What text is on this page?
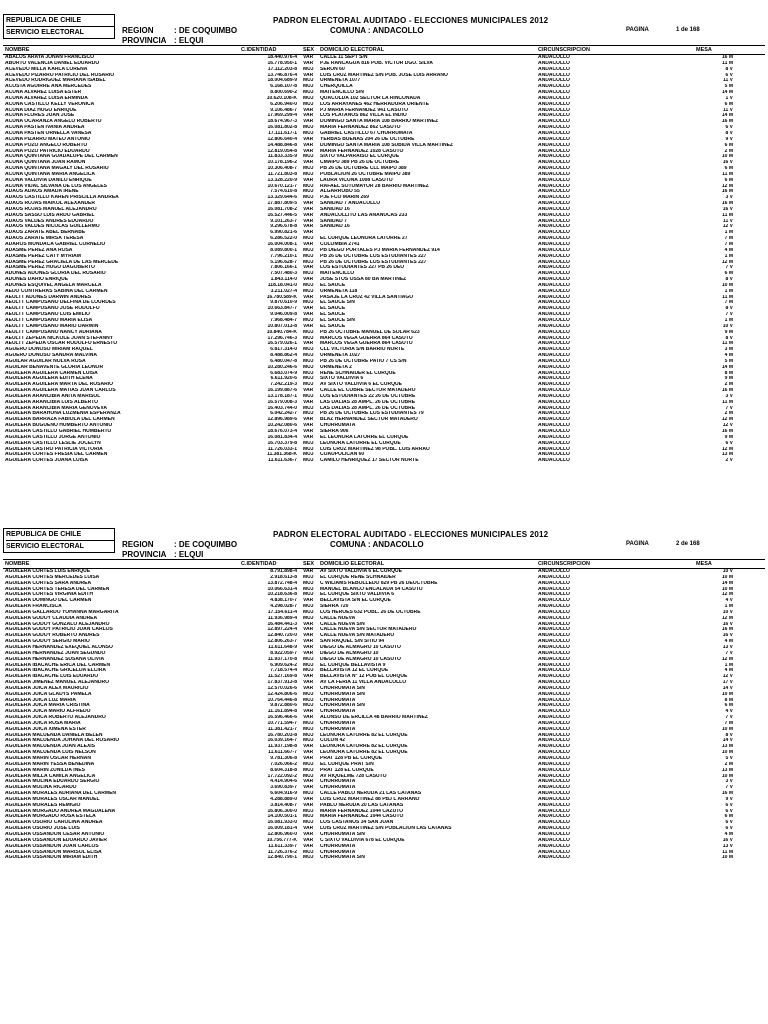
REPUBLICA DE CHILE
SERVICIO ELECTORAL
PADRON ELECTORAL AUDITADO - ELECCIONES MUNICIPALES 2012
REGION	: DE COQUIMBO
PROVINCIA : ELQUI
COMUNA : ANDACOLLO	PAGINA	1 de 168
NOMBRE	C.IDENTIDAD	SEX DOMICILIO ELECTORAL	CIRCUNSCRIPCION	MESA
ABALOS ARAYA JONAN FRANCISCO	18.440.976-4 VAR	CALLE 11 SEPT S/N	ANDACOLLO	16 M
ABURTO VALENCIA DANIEL EDUARDO	16.778.950-1 VAR	PJE RANCAGUA 816 POB. VICTOR DGO. SILVA	ANDACOLLO	11 M
ACEVEDO MILLA KARLA LORENA	17.112.203-8 MUJ	SERON 60	ANDACOLLO	8 V
ACEVEDO PIZARRO PATRICIO DEL ROSARIO	13.746.876-4 VAR	LUIS CRUZ MARTINEZ S/N POB. JOSE LUIS ARRAÑO	ANDACOLLO	6 V
ACEVEDO RODRIGUEZ MARIANA ISABEL	18.004.689-9 MUJ	URMENETA 1077	ANDACOLLO	11 V
ACOSTA AGUIRRE ANA MERCEDES	6.168.107-8 MUJ	CHERQUILLA	ANDACOLLO	5 M
ACUÑA ALVAREZ LUISA ESTER	8.800.690-2 MUJ	MAITENCILLO S/N	ANDACOLLO	14 M
ACUÑA ALVAREZ LUISA ERMINDA	10.620.108-K MUJ	QUACOLDA 102 SECTOR LA RINCONADA	ANDACOLLO	1 V
ACUÑA CASTILLO KELLY VERONICA	6.206.940-0 MUJ	LOS ARRAYANES 462 HERRADURA ORIENTE	ANDACOLLO	6 M
ACUÑA DIAZ HUGO ENRIQUE	9.106.486-7 VAR	PJ MARIA FERNANDEZ 941 CASUTO	ANDACOLLO	11 V
ACUÑA FLORES JUAN JOSE	17.969.299-4 VAR	LOS PLATANOS 862 VILLA EL INDIO	ANDACOLLO	14 M
ACUÑA OCARANZA ANGELO ROBERTO	18.674.967-3 VAR	DOMINGO SANTA MARIA 108 BARRIO MARTINEZ	ANDACOLLO	16 M
ACUÑA PASTEN IVANIA ANDREA	16.081.802-8 MUJ	MARIA FERNANDEZ 862 CASUTO	ANDACOLLO	6 V
ACUÑA PASTEN ORNELLA VANESA	17.111.617-1 MUJ	GABRIEL CASTILLO 67 CHURRUMATA	ANDACOLLO	8 V
ACUÑA PIZARRO MATEO ANTONIO	12.806.640-4 VAR	YERBAS BUENAS 204 26 DE OCTUBRE	ANDACOLLO	9 V
ACUÑA POZO ANGELO ROBERTO	14.488.846-8 VAR	DOMINGO SANTA MARIA 108 SUBIDA VILLA MARTINEZ	ANDACOLLO	6 M
ACUÑA POZO PATRICIO EDUARDO	12.819.054-8 VAR	MARIA FERNANDEZ 1028 CASUTO	ANDACOLLO	2 M
ACUÑA QUINTANA GUADALUPE DEL CARMEN	11.833.335-9 MUJ	SIXTO VALPARAISO EL CURQUE	ANDACOLLO	10 M
ACUÑA QUINTANA JUAN RAMON	10.178.196-2 VAR	CMAIPU 389 PB 26 DE OCTUBRE	ANDACOLLO	16 V
ACUÑA QUINTANA MAGALY DEL ROSARIO	10.306.408-7 MUJ	PB 26 DE OCTUBRE CLL MAIPU 389	ANDACOLLO	6 M
ACUÑA QUINTANA MARIA ANGELICA	11.721.803-8 MUJ	POBLACION 26 OCTUBRE MAIPU 389	ANDACOLLO	11 M
ACUÑA VALDIVIA DANILO ENRIQUE	13.328.220-9 VAR	LAURA VICUÑA 1008 CASUTO	ANDACOLLO	6 M
ACUÑA VIDAL SILVANA DE LOS ANGELES	10.670.121-7 MUJ	RAFAEL SOTOMAYOR 28 BARRIO MARTINEZ	ANDACOLLO	12 M
ADAOS ADAOS AMADA IRENE	7.574.610-8 MUJ	ALGARROBO 55	ANDACOLLO	16 M
ADAOS CASTILLO KAREN PRISCILLA ANDREA	13.329.644-6 MUJ	PJE FCO MARIN 269	ANDACOLLO	3 V
ADAOS ROJAS MAIKOL ALEXANDER	17.887.809-5 VAR	SANIDAD 7 ANDACOLLO	ANDACOLLO	16 M
ADAOS ROJAS MANUEL ALEJANDRO	16.081.708-2 VAR	SANIDAD 16	ANDACOLLO	16 V
ADAOS SASSO LUIS ARDO GABRIEL	16.527.446-5 VAR	ANDACOLLITO LAS AÑAÑUCAS 233	ANDACOLLO	11 M
ADAOS VALDES ANDRES EDUARDO	9.101.263-7 VAR	SANIDAD 7	ANDACOLLO	11 V
ADAOS VALDES NICOLAS GUILLERMO	9.296.678-8 VAR	SANIDAD 16	ANDACOLLO	12 V
ADAOS ZARATE ABEL BERNABE	6.990.821-6 VAR	ANDACOLLO	1 M
ADAOS ZARATE MIRSA TERESA	6.286.522-0 MUJ	EL CURQUE LEONORA LATORRE 27	ANDACOLLO	7 M
ADAROS MUNDACA GABRIEL CORNELIO	16.004.008-1 VAR	COLOMBIA 2741	ANDACOLLO	7 M
ADASME PEREZ ANA ROSA	8.089.800-1 MUJ	PB DIEGO PORTALES PJ MARIA FERNANDEZ 914	ANDACOLLO	4 M
ADASME PEREZ CATY MYRIAM	7.796.210-1 MUJ	PB 26 DE OCTUBRE LOS ESTUDIANTES 227	ANDACOLLO	1 M
ADASME PEREZ GRACIELA DE LAS MERCEDE	5.196.628-7 MUJ	PB 26 DE OCTUBRE LOS ESTUDIANTES 227	ANDACOLLO	12 M
ADASME PEREZ HUGO DAGOBERTO	7.806.166-1 VAR	LOS ESTUDIANTES 227 PB 26 DEO	ANDACOLLO	7 V
ADONES ADONES GLORIA DEL ROSARIO	7.507.480-3 MUJ	MAITENCILLO	ANDACOLLO	6 M
ADONES DARIO ENRIQUE	1.843.114-0 VAR	JOSE STOS OSSA 80 BA MARTINEZ	ANDACOLLO	8 V
ADONES ESQUIVEL ANGELA MARCELA	118.18.041-0 MUJ	EL SAUCE	ANDACOLLO	10 M
AEDO CONTRERAS SABINA DEL CARMEN	3.211.027-4 MUJ	URMENETA 118	ANDACOLLO	1 M
AEULTT ADONES DARWIN ANDRES	16.780.589-K VAR	PASAJE LA CRUZ 42 VILLA SANTIAGO	ANDACOLLO	11 M
AEULTT CAMPUSANO DELFINA DE LOURDES	9.870.610-9 MUJ	EL SAUCE S/N	ANDACOLLO	7 M
AEULTT CAMPUSANO JOSE RODOLFO	10.663.847-7 VAR	EL SAUCE	ANDACOLLO	8 V
AEULTT CAMPUSANO LUIS EMILIO	9.046.009-8 VAR	EL SAUCE	ANDACOLLO	7 V
AEULTT CAMPUSANO MARIA ELISA	7.968.484-7 MUJ	EL SAUCE S/N	ANDACOLLO	1 M
AEULTT CAMPUSANO MARIO DARWIN	10.807.013-8 VAR	EL SAUCE	ANDACOLLO	10 V
AEULTT CAMPUSANO NANCY ADRIANA	10.840.784-K MUJ	PB 26 OCTUBRE MANUEL DE SOLAR 623	ANDACOLLO	9 M
AEULTT ZEPEDA NICKOLE JOAN STEFANNY	17.296.746-3 MUJ	MARCOS VEGA GUERRA 864 CASUTO	ANDACOLLO	8 V
AEULTT ZEPEDA OSCAR RODOLFO ERNESTO	16.579.026-1 VAR	MARCOS VEGA GUERRA 864 CASUTO	ANDACOLLO	11 M
AGUERO DONOSO MIRIAM RAQUEL	6.817.314-0 MUJ	CLL VICTORIA S/N BARRIO NORTE	ANDACOLLO	3 M
AGUERO DONOSO SANDRA MALVINA	8.488.862-4 MUJ	URMENETA 1027	ANDACOLLO	4 M
AGUILAR AGUILAR NOLVA ROSA	6.480.047-8 MUJ	PB 26 DE OCTUBRE PATIO 7 CS S/N	ANDACOLLO	5 M
AGUILAR BENAVENTE GLORIA LEONOR	10.280.246-6 MUJ	URMENETA 2	ANDACOLLO	14 M
AGUILERA AGUILERA CARMEN LUISA	6.683.074-9 MUJ	RENE SCHNAIDER EL CURQUE	ANDACOLLO	8 M
AGUILERA AGUILERA EDITH ELENA	6.611.920-6 MUJ	SIXTO VALDIVIA 6	ANDACOLLO	9 M
AGUILERA AGUILERA MARTA DEL ROSARIO	7.242.219-3 MUJ	AV SIXTO VALDIVIA 6 EL CURQUE	ANDACOLLO	2 M
AGUILERA AGUILERA MATIAS JUAN CARLOS	16.199.887-6 VAR	CALLE EL COBRE SECTOR MATADERO	ANDACOLLO	16 M
AGUILERA ARANCIBIA ANITA MARISOL	13.178.187-1 MUJ	LOS ESTUDIANTES 22 26 DE OCTUBRE	ANDACOLLO	3 V
AGUILERA ARANCIBIA LUIS ALBERTO	16.579.008-3 VAR	LAS DALIAS 28 AMPL. 26 DE OCTUBRE	ANDACOLLO	11 M
AGUILERA ARANCIBIA MARIA GENOVEVA	16.403.744-0 MUJ	LAS DALIAS 28 AMPL. 26 DE OCTUBRE	ANDACOLLO	7 V
AGUILERA BARAHONA LUZMENIA ESPERANZA	6.042.242-7 MUJ	PB 26 DE OCTUBRE LOS ESTUDIANTES 79	ANDACOLLO	2 M
AGUILERA BARRAZA FABIOLA DEL CARMEN	12.896.989-6 VAR	BLAZ HERNANDEZ SECTOR MATADERO	ANDACOLLO	12 M
AGUILERA BUGUEÑO HUMBERTO ANTONIO	10.242.080-6 VAR	CHURRUMATA	ANDACOLLO	12 V
AGUILERA CASTILLO GABRIEL HUMBERTO	18.676.073-4 VAR	SIERRA 906	ANDACOLLO	16 M
AGUILERA CASTILLO JORGE ANTONIO	16.081.834-4 VAR	EL LEONORA LATORRE EL CURQUE	ANDACOLLO	9 M
AGUILERA CASTILLO LESLIE JOCELYN	16.703.379-8 MUJ	LEONORA LATORRE EL CURQUE	ANDACOLLO	6 V
AGUILERA CASTRO PATRICIA VICTORIA	11.726.033-1 MUJ	LUIS CRUZ MARTINEZ 98 POBL. LUIS ARRAO	ANDACOLLO	12 M
AGUILERA CORTES FRESIA DEL CARMEN	11.381.368-K MUJ	COAUPOLICAN 60	ANDACOLLO	13 M
AGUILERA CORTES JUANA LUISA	11.611.636-7 MUJ	CAMILO HENRIQUEZ 17 SECTOR NORTE	ANDACOLLO	2 V
REPUBLICA DE CHILE
SERVICIO ELECTORAL
PADRON ELECTORAL AUDITADO - ELECCIONES MUNICIPALES 2012
REGION	: DE COQUIMBO
PROVINCIA : ELQUI
COMUNA : ANDACOLLO	PAGINA	2 de 168
NOMBRE	C.IDENTIDAD	SEX DOMICILIO ELECTORAL	CIRCUNSCRIPCION	MESA
AGUILERA CORTES LUIS ENRIQUE	8.791.898-4 VAR	AV SIXTO VALDIVIA 6 EL CURQUE	ANDACOLLO	10 V
AGUILERA CORTES MERCEDES LUISA	2.918.613-8 MUJ	EL CURQUE RENE SCHNAIDER	ANDACOLLO	10 M
AGUILERA CORTES SARA ANDREA	13.872.748-4 MUJ	C WILIAMS REBOLLEDO 829 PB 26 DEOCTUBRE	ANDACOLLO	14 M
AGUILERA CORTES TERESA DEL CARMEN	10.066.631-4 MUJ	MANUEL BLANCO ENCALADA 54 CASUTO	ANDACOLLO	10 M
AGUILERA CORTES VIRGINIA EDITH	10.218.636-8 MUJ	EL CURQUE SIXTO VALDIVIA 6	ANDACOLLO	12 M
AGUILERA DOMINGO DEL CARMEN	4.838.170-7 VAR	BELLAVISTA S/N EL CURQUE	ANDACOLLO	4 V
AGUILERA FRANCISCA	4.298.028-7 MUJ	SIERRA 720	ANDACOLLO	1 M
AGUILERA GALLARDO YOHANNA MARGARITA	17.154.611-4 MUJ	LOS HEROES 632 POBL. 26 DE OCTUBRE	ANDACOLLO	10 V
AGUILERA GODOY CLAUDIA ANDREA	11.936.989-4 MUJ	CALLE NUEVA	ANDACOLLO	12 M
AGUILERA GODOY GONZALO ALEJANDRO	16.484.441-3 VAR	CALLE NUEVA S/N	ANDACOLLO	16 V
AGUILERA GODOY PATRICIO JUAN CARLOS	12.897.224-4 VAR	CALLE NUEVA S/N SECTOR MATADERO	ANDACOLLO	16 M
AGUILERA GODOY ROBERTO ANDRES	12.840.720-0 VAR	CALLE NUEVA S/N MATADERO	ANDACOLLO	16 V
AGUILERA GODOY SERGIO MARIO	12.806.263-7 VAR	SAN RAQUEL S/N SITIO 94	ANDACOLLO	4 M
AGUILERA HERNANDEZ EXEQUIEL ALONSO	11.611.648-9 VAR	DIEGO DE ALMAGRO 10 CASUTO	ANDACOLLO	13 V
AGUILERA HERNANDEZ JUAN SEGUNDO	8.922.059-7 VAR	DIEGO DE ALMAGRO 10	ANDACOLLO	7 V
AGUILERA HERNANDEZ SUSANA OLIVIA	11.937.170-8 MUJ	DIEGO DE ALMAGRO 10 CASUTO	ANDACOLLO	12 M
AGUILERA IBACACHE ERICA DEL CARMEN	6.909.624-2 MUJ	EL CURQUE BELLAVISTA 9	ANDACOLLO	1 M
AGUILERA IBACACHE GRICELDA ELCIRA	7.718.574-4 MUJ	BELLAVISTA 12 EL CURQUE	ANDACOLLO	4 M
AGUILERA IBACACHE LUIS EDUARDO	11.527.169-8 VAR	BELLAVISTA N° 12 POB EL CURQUE	ANDACOLLO	12 V
AGUILERA JIMENEZ MANUEL ALEJANDRO	17.837.913-8 VAR	AV LA FERIA 11 VILLA ANDACOLLO	ANDACOLLO	17 V
AGUILERA JUICA ALEX MAURICIO	12.570.026-6 VAR	CHURRUMATA S/N	ANDACOLLO	14 V
AGUILERA JUICA GLADYS PAMELA	12.424.806-6 MUJ	CHURRUMATA S/N	ANDACOLLO	10 M
AGUILERA JUICA LUZ MARIA	10.764.446-8 MUJ	CHURRUMATA	ANDACOLLO	8 M
AGUILERA JUICA MARIA CRISTINA	9.872.880-6 MUJ	CHURRUMATA S/N	ANDACOLLO	6 M
AGUILERA JUICA MARIO ALFREDO	11.161.894-8 VAR	CHURRUMATA	ANDACOLLO	4 V
AGUILERA JUICA ROBERTO ALEJANDRO	16.596.466-6 VAR	ALONSO DE ERCILLA 48 BARRIO MARTINEZ	ANDACOLLO	7 V
AGUILERA JUICA ROSA MARIA	10.771.594-7 MUJ	CHURRUMATA	ANDACOLLO	7 M
AGUILERA JUICA XIMENA ESTER	11.381.421-7 MUJ	CHURRUMATA	ANDACOLLO	10 M
AGUILERA MALUENDA DANIELA BELEN	16.780.203-8 MUJ	LEONORA LATORRE 82 EL CURQUE	ANDACOLLO	8 V
AGUILERA MALUENDA JOHANA DEL ROSARIO	16.039.164-7 MUJ	COLON 42	ANDACOLLO	14 V
AGUILERA MALUENDA JUAN ALEXIS	11.937.198-8 VAR	LEONORA LATORRE 82 EL CURQUE	ANDACOLLO	13 M
AGUILERA MALUENDA LUIS NELSON	11.611.667-7 VAR	LEONORA LATORRE 82 EL CURQUE	ANDACOLLO	10 M
AGUILERA MARIN OSCAR HERNAN	9.781.306-8 VAR	PRAT 128 PB EL CURQUE	ANDACOLLO	5 V
AGUILERA MARIN YESSA BENEDINA	7.026.066-2 MUJ	EL CURQUE PRAT S/N	ANDACOLLO	2 M
AGUILERA MARIN ZUNILDA INES	8.604.318-8 MUJ	PRAT 128 EL CURQUE	ANDACOLLO	13 M
AGUILERA MILLA CAMILA ANGELICA	17.722.092-2 MUJ	AV RIQUELME 728 CASUTO	ANDACOLLO	10 M
AGUILERA MOLINA EDUARDO SERGIO	4.414.904-6 VAR	CHURRUMATA	ANDACOLLO	3 V
AGUILERA MOLINA RICARDO	3.690.839-7 VAR	CHURRUMATA	ANDACOLLO	7 V
AGUILERA MORALES ADRIANA DEL CARMEN	6.604.916-9 MUJ	CALLE PABLO NERUDA 21 LAS CATANAS	ANDACOLLO	16 M
AGUILERA MORALES OSCAR MANUEL	4.288.889-0 VAR	LUIS CRUZ MARTINEZ 88 PBJ L ARRAÑO	ANDACOLLO	9 V
AGUILERA MORALES REMIGIO	3.814.408-7 VAR	PABLO NERUDA 20 LAS CATANAS	ANDACOLLO	6 V
AGUILERA MORGADO ANDREA MAGDALENA	16.806.300-0 MUJ	MARIA FERNANDEZ 1044 CAZUTO	ANDACOLLO	6 V
AGUILERA MORGADO ROSA ESTELA	14.100.501-1 MUJ	MARIA FERNANDEZ 1044 CASUTO	ANDACOLLO	6 M
AGUILERA OSORIO CAROLINA ANDREA	16.081.933-0 MUJ	LOS CASTAÑOS 34 SAN JUAN	ANDACOLLO	6 V
AGUILERA OSORIO JOSE LUIS	16.009.181-4 VAR	LUIS CRUZ MARTINEZ S/N POBLACION LAS CATANAS	ANDACOLLO	6 V
AGUILERA OSSANDON CESAR ANTONIO	12.806.960-0 VAR	CHURRUMATA S/N	ANDACOLLO	4 M
AGUILERA OSSANDON EDUARDO JAVIER	10.756.777-K VAR	C SIXTO VALDIVIA 678 EL CURQUE	ANDACOLLO	16 V
AGUILERA OSSANDON JUAN CARLOS	11.611.339-7 VAR	CHURRUMATA	ANDACOLLO	13 V
AGUILERA OSSANDON MARISOL ELISA	11.726.376-2 MUJ	CHURRUMATA	ANDACOLLO	11 M
AGUILERA OSSANDON MIRIAM EDITH	12.840.790-1 MUJ	CHURRUMATA S/N	ANDACOLLO	10 M
